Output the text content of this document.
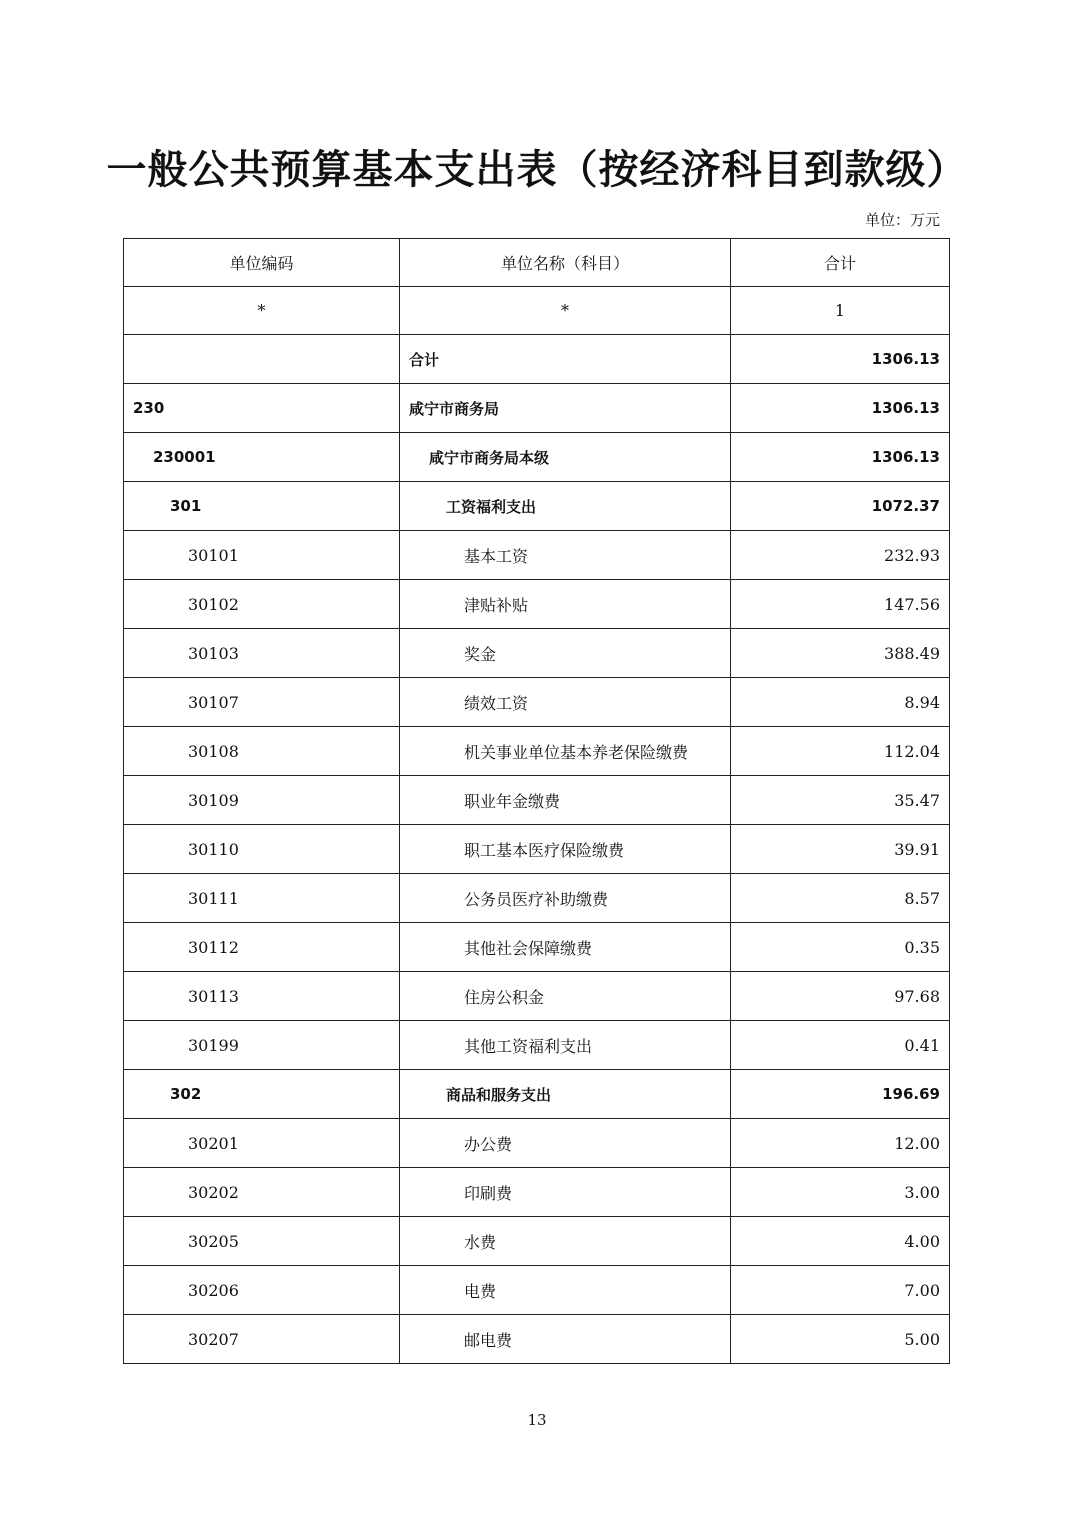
一般公共预算基本支出表（按经济科目到款级）
单位：万元
单位编码	单位名称（科目）	合计
*	*	1
	合计	1306.13
230	咸宁市商务局	1306.13
230001	咸宁市商务局本级	1306.13
301	工资福利支出	1072.37
30101	基本工资	232.93
30102	津贴补贴	147.56
30103	奖金	388.49
30107	绩效工资	8.94
30108	机关事业单位基本养老保险缴费	112.04
30109	职业年金缴费	35.47
30110	职工基本医疗保险缴费	39.91
30111	公务员医疗补助缴费	8.57
30112	其他社会保障缴费	0.35
30113	住房公积金	97.68
30199	其他工资福利支出	0.41
302	商品和服务支出	196.69
30201	办公费	12.00
30202	印刷费	3.00
30205	水费	4.00
30206	电费	7.00
30207	邮电费	5.00
13
